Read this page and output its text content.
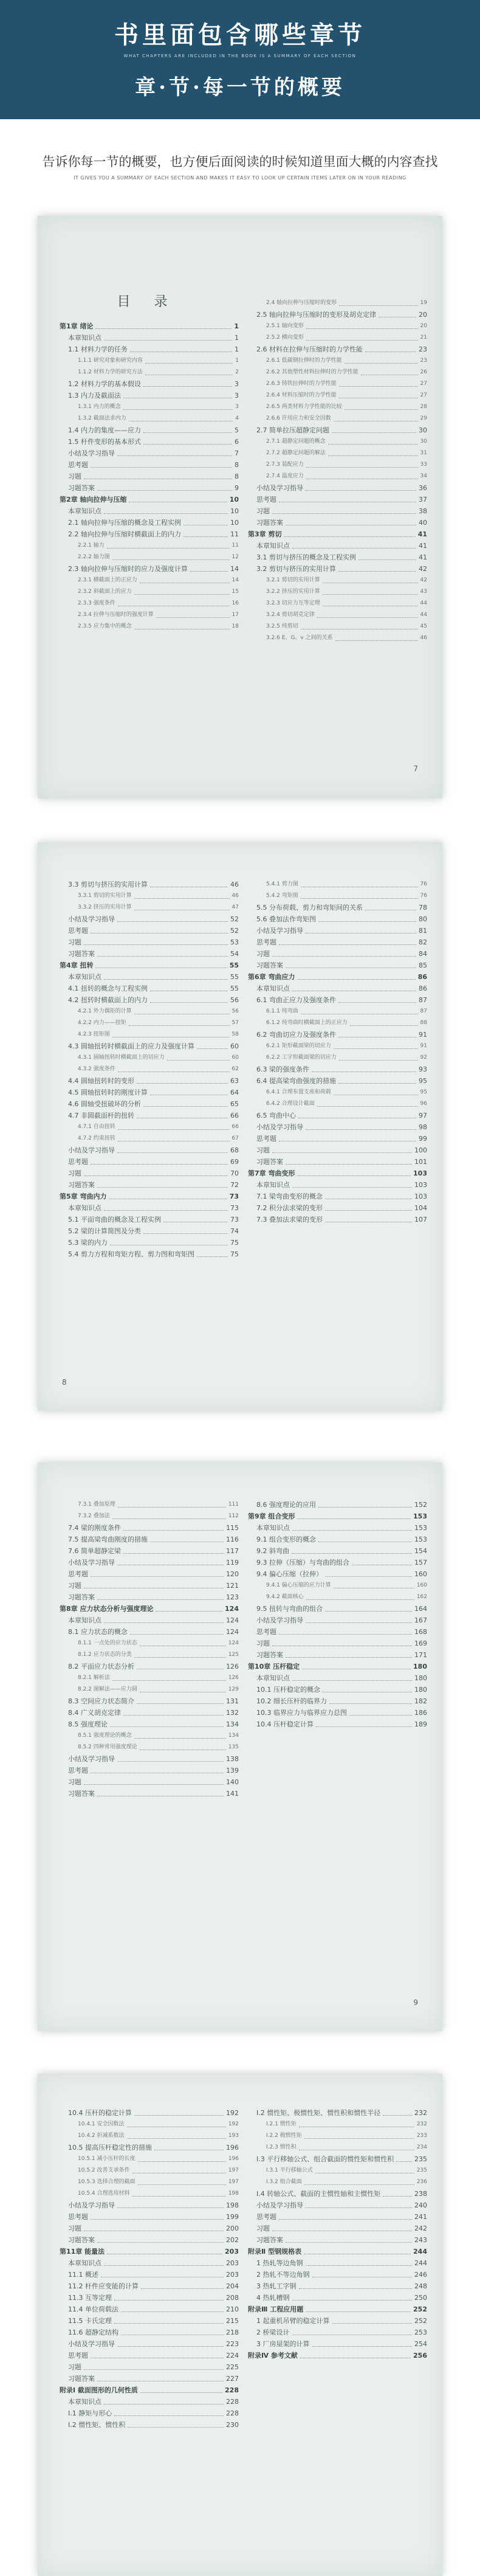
书里面包含哪些章节
WHAT CHAPTERS ARE INCLUDED IN THE BOOK IS A SUMMARY OF EACH SECTION
章·节·每一节的概要
告诉你每一节的概要，也方便后面阅读的时候知道里面大概的内容查找
IT GIVES YOU A SUMMARY OF EACH SECTION AND MAKES IT EASY TO LOOK UP CERTAIN ITEMS LATER ON IN YOUR READING
目 录
第1章 绪论	1
本章知识点	1
1.1 材料力学的任务	1
1.1.1 研究对象和研究内容	1
1.1.2 材料力学的研究方法	2
1.2 材料力学的基本假设	3
1.3 内力及截面法	3
1.3.1 内力的概念	3
1.3.2 截面法求内力	4
1.4 内力的集度——应力	5
1.5 杆件变形的基本形式	6
小结及学习指导	7
思考题	8
习题	8
习题答案	9
第2章 轴向拉伸与压缩	10
本章知识点	10
2.1 轴向拉伸与压缩的概念及工程实例	10
2.2 轴向拉伸与压缩时横截面上的内力	11
2.2.1 轴力	11
2.2.2 轴力图	12
2.3 轴向拉伸与压缩时的应力及强度计算	14
2.3.1 横截面上的正应力	14
2.3.2 斜截面上的应力	15
2.3.3 强度条件	16
2.3.4 拉伸与压缩时的强度计算	17
2.3.5 应力集中的概念	18
2.4 轴向拉伸与压缩时的变形	19
2.5 轴向拉伸与压缩时的变形及胡克定律	20
2.5.1 轴向变形	20
2.5.2 横向变形	21
2.6 材料在拉伸与压缩时的力学性能	23
2.6.1 低碳钢拉伸时的力学性能	23
2.6.2 其他塑性材料拉伸时的力学性能	26
2.6.3 铸铁拉伸时的力学性能	27
2.6.4 材料压缩时的力学性能	27
2.6.5 两类材料力学性能的比较	28
2.6.6 许用应力和安全因数	29
2.7 简单拉压超静定问题	30
2.7.1 超静定问题的概念	30
2.7.2 超静定问题的解法	31
2.7.3 装配应力	33
2.7.4 温度应力	34
小结及学习指导	36
思考题	37
习题	38
习题答案	40
第3章 剪切	41
本章知识点	41
3.1 剪切与挤压的概念及工程实例	41
3.2 剪切与挤压的实用计算	42
3.2.1 剪切的实用计算	42
3.2.2 挤压的实用计算	43
3.2.3 切应力互等定理	44
3.2.4 剪切胡克定律	44
3.2.5 纯剪切	45
3.2.6 E、G、v 之间的关系	46
7
3.3 剪切与挤压的实用计算	46
3.3.1 剪切的实用计算	46
3.3.2 挤压的实用计算	47
小结及学习指导	52
思考题	52
习题	53
习题答案	54
第4章 扭转	55
本章知识点	55
4.1 扭转的概念与工程实例	55
4.2 扭转时横截面上的内力	56
4.2.1 外力偶矩的计算	56
4.2.2 内力——扭矩	57
4.2.3 扭矩图	58
4.3 圆轴扭转时横截面上的应力及强度计算	60
4.3.1 圆轴扭转时横截面上的切应力	60
4.3.2 强度条件	62
4.4 圆轴扭转时的变形	63
4.5 圆轴扭转时的刚度计算	64
4.6 圆轴受扭破坏的分析	65
4.7 非圆截面杆的扭转	66
4.7.1 自由扭转	66
4.7.2 约束扭转	67
小结及学习指导	68
思考题	69
习题	70
习题答案	72
第5章 弯曲内力	73
本章知识点	73
5.1 平面弯曲的概念及工程实例	73
5.2 梁的计算简图及分类	74
5.3 梁的内力	75
5.4 剪力方程和弯矩方程、剪力图和弯矩图	75
5.4.1 剪力图	76
5.4.2 弯矩图	76
5.5 分布荷载、剪力和弯矩间的关系	78
5.6 叠加法作弯矩图	80
小结及学习指导	81
思考题	82
习题	84
习题答案	85
第6章 弯曲应力	86
本章知识点	86
6.1 弯曲正应力及强度条件	87
6.1.1 纯弯曲	87
6.1.2 纯弯曲时横截面上的正应力	88
6.2 弯曲切应力及强度条件	91
6.2.1 矩形截面梁的切应力	91
6.2.2 工字形截面梁的切应力	92
6.3 梁的强度条件	93
6.4 提高梁弯曲强度的措施	95
6.4.1 合理布置支座和荷载	95
6.4.2 合理设计截面	96
6.5 弯曲中心	97
小结及学习指导	98
思考题	99
习题	100
习题答案	101
第7章 弯曲变形	103
本章知识点	103
7.1 梁弯曲变形的概念	103
7.2 积分法求梁的变形	104
7.3 叠加法求梁的变形	107
8
7.3.1 叠加原理	111
7.3.2 叠加法	112
7.4 梁的刚度条件	115
7.5 提高梁弯曲刚度的措施	116
7.6 简单超静定梁	117
小结及学习指导	119
思考题	120
习题	121
习题答案	123
第8章 应力状态分析与强度理论	124
本章知识点	124
8.1 应力状态的概念	124
8.1.1 一点处的应力状态	124
8.1.2 应力状态的分类	125
8.2 平面应力状态分析	126
8.2.1 解析法	126
8.2.2 图解法——应力圆	129
8.3 空间应力状态简介	131
8.4 广义胡克定律	132
8.5 强度理论	134
8.5.1 强度理论的概念	134
8.5.2 四种常用强度理论	135
小结及学习指导	138
思考题	139
习题	140
习题答案	141
8.6 强度理论的应用	152
第9章 组合变形	153
本章知识点	153
9.1 组合变形的概念	153
9.2 斜弯曲	154
9.3 拉伸（压缩）与弯曲的组合	157
9.4 偏心压缩（拉伸）	160
9.4.1 偏心压缩的应力计算	160
9.4.2 截面核心	162
9.5 扭转与弯曲的组合	164
小结及学习指导	167
思考题	168
习题	169
习题答案	171
第10章 压杆稳定	180
本章知识点	180
10.1 压杆稳定的概念	180
10.2 细长压杆的临界力	182
10.3 临界应力与临界应力总图	186
10.4 压杆稳定计算	189
9
10.4 压杆的稳定计算	192
10.4.1 安全因数法	192
10.4.2 折减系数法	193
10.5 提高压杆稳定性的措施	196
10.5.1 减小压杆的长度	196
10.5.2 改善支承条件	197
10.5.3 选择合理的截面	197
10.5.4 合理选用材料	198
小结及学习指导	198
思考题	199
习题	200
习题答案	202
第11章 能量法	203
本章知识点	203
11.1 概述	203
11.2 杆件应变能的计算	204
11.3 互等定理	208
11.4 单位荷载法	210
11.5 卡氏定理	215
11.6 超静定结构	218
小结及学习指导	223
思考题	224
习题	225
习题答案	227
附录Ⅰ 截面图形的几何性质	228
本章知识点	228
Ⅰ.1 静矩与形心	228
Ⅰ.2 惯性矩、惯性积	230
Ⅰ.2 惯性矩、极惯性矩、惯性积和惯性半径	232
Ⅰ.2.1 惯性矩	232
Ⅰ.2.2 极惯性矩	233
Ⅰ.2.3 惯性积	234
Ⅰ.3 平行移轴公式、组合截面的惯性矩和惯性积	235
Ⅰ.3.1 平行移轴公式	235
Ⅰ.3.2 组合截面	236
Ⅰ.4 转轴公式、截面的主惯性轴和主惯性矩	238
小结及学习指导	240
思考题	241
习题	242
习题答案	243
附录Ⅱ 型钢规格表	244
1 热轧等边角钢	244
2 热轧不等边角钢	246
3 热轧工字钢	248
4 热轧槽钢	250
附录Ⅲ 工程应用题	252
1 起重机吊臂的稳定计算	252
2 桥梁设计	253
3 厂房屋架的计算	254
附录Ⅳ 参考文献	256
